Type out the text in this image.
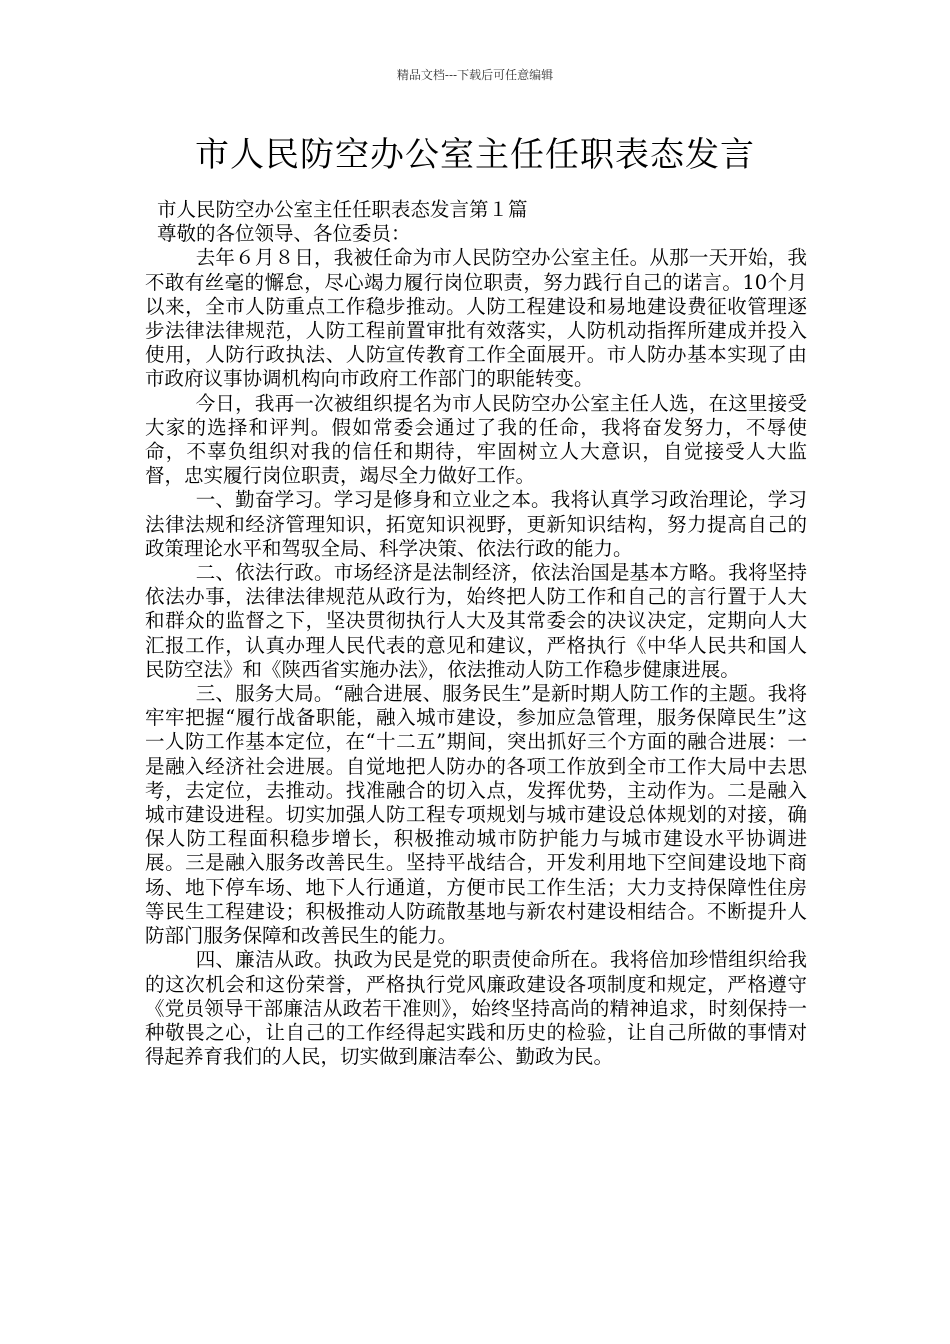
精品文档---下载后可任意编辑
市人民防空办公室主任任职表态发言
市人民防空办公室主任任职表态发言第１篇
尊敬的各位领导、各位委员：

去年６月８日，我被任命为市人民防空办公室主任。从那一天开始，我不敢有丝毫的懈怠，尽心竭力履行岗位职责，努力践行自己的诺言。10个月以来，全市人防重点工作稳步推动。人防工程建设和易地建设费征收管理逐步法律法律规范，人防工程前置审批有效落实，人防机动指挥所建成并投入使用，人防行政执法、人防宣传教育工作全面展开。市人防办基本实现了由市政府议事协调机构向市政府工作部门的职能转变。

今日，我再一次被组织提名为市人民防空办公室主任人选，在这里接受大家的选择和评判。假如常委会通过了我的任命，我将奋发努力，不辱使命，不辜负组织对我的信任和期待，牢固树立人大意识，自觉接受人大监督，忠实履行岗位职责，竭尽全力做好工作。

一、勤奋学习。学习是修身和立业之本。我将认真学习政治理论，学习法律法规和经济管理知识，拓宽知识视野，更新知识结构，努力提高自己的政策理论水平和驾驭全局、科学决策、依法行政的能力。

二、依法行政。市场经济是法制经济，依法治国是基本方略。我将坚持依法办事，法律法律规范从政行为，始终把人防工作和自己的言行置于人大和群众的监督之下，坚决贯彻执行人大及其常委会的决议决定，定期向人大汇报工作，认真办理人民代表的意见和建议，严格执行《中华人民共和国人民防空法》和《陕西省实施办法》，依法推动人防工作稳步健康进展。

三、服务大局。“融合进展、服务民生”是新时期人防工作的主题。我将牢牢把握“履行战备职能，融入城市建设，参加应急管理，服务保障民生”这一人防工作基本定位，在“十二五”期间，突出抓好三个方面的融合进展：一是融入经济社会进展。自觉地把人防办的各项工作放到全市工作大局中去思考，去定位，去推动。找准融合的切入点，发挥优势，主动作为。二是融入城市建设进程。切实加强人防工程专项规划与城市建设总体规划的对接，确保人防工程面积稳步增长，积极推动城市防护能力与城市建设水平协调进展。三是融入服务改善民生。坚持平战结合，开发利用地下空间建设地下商场、地下停车场、地下人行通道，方便市民工作生活；大力支持保障性住房等民生工程建设；积极推动人防疏散基地与新农村建设相结合。不断提升人防部门服务保障和改善民生的能力。

四、廉洁从政。执政为民是党的职责使命所在。我将倍加珍惜组织给我的这次机会和这份荣誉，严格执行党风廉政建设各项制度和规定，严格遵守《党员领导干部廉洁从政若干准则》，始终坚持高尚的精神追求，时刻保持一种敬畏之心，让自己的工作经得起实践和历史的检验，让自己所做的事情对得起养育我们的人民，切实做到廉洁奉公、勤政为民。
